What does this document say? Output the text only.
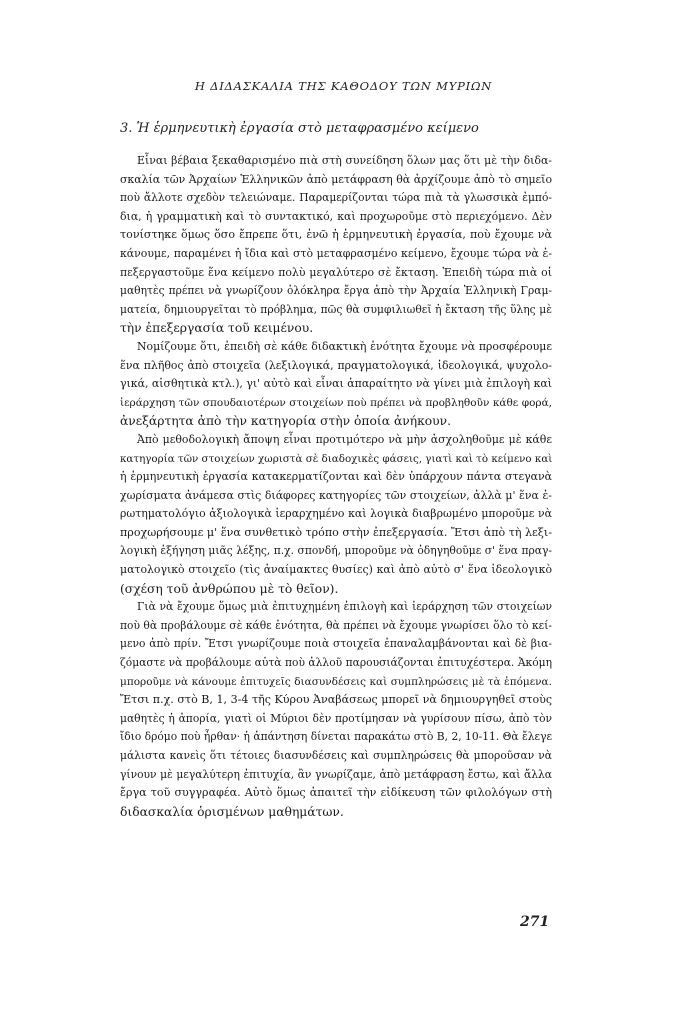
Η ΔΙΔΑΣΚΑΛΙΑ ΤΗΣ ΚΑΘΟΔΟΥ ΤΩΝ ΜΥΡΙΩΝ
3. Ἡ ἑρμηνευτικὴ ἐργασία στὸ μεταφρασμένο κείμενο
Εἶναι βέβαια ξεκαθαρισμένο πιὰ στὴ συνείδηση ὅλων μας ὅτι μὲ τὴν διδα-
σκαλία τῶν Ἀρχαίων Ἑλληνικῶν ἀπὸ μετάφραση θὰ ἀρχίζουμε ἀπὸ τὸ σημεῖο
ποὺ ἄλλοτε σχεδὸν τελειώναμε. Παραμερίζονται τώρα πιὰ τὰ γλωσσικὰ ἐμπό-
δια, ἡ γραμματικὴ καὶ τὸ συντακτικό, καὶ προχωροῦμε στὸ περιεχόμενο. Δὲν
τονίστηκε ὅμως ὅσο ἔπρεπε ὅτι, ἐνῶ ἡ ἑρμηνευτικὴ ἐργασία, ποὺ ἔχουμε νὰ
κάνουμε, παραμένει ἡ ἴδια καὶ στὸ μεταφρασμένο κείμενο, ἔχουμε τώρα νὰ ἐ-
πεξεργαστοῦμε ἕνα κείμενο πολὺ μεγαλύτερο σὲ ἔκταση. Ἐπειδὴ τώρα πιὰ οἱ
μαθητὲς πρέπει νὰ γνωρίζουν ὁλόκληρα ἔργα ἀπὸ τὴν Ἀρχαία Ἑλληνικὴ Γραμ-
ματεία, δημιουργεῖται τὸ πρόβλημα, πῶς θὰ συμφιλιωθεῖ ἡ ἔκταση τῆς ὕλης μὲ
τὴν ἐπεξεργασία τοῦ κειμένου.
Νομίζουμε ὅτι, ἐπειδὴ σὲ κάθε διδακτικὴ ἑνότητα ἔχουμε νὰ προσφέρουμε
ἕνα πλῆθος ἀπὸ στοιχεῖα (λεξιλογικά, πραγματολογικά, ἰδεολογικά, ψυχολο-
γικά, αἰσθητικὰ κτλ.), γι' αὐτὸ καὶ εἶναι ἀπαραίτητο νὰ γίνει μιὰ ἐπιλογὴ καὶ
ἱεράρχηση τῶν σπουδαιοτέρων στοιχείων ποὺ πρέπει νὰ προβληθοῦν κάθε φορά,
ἀνεξάρτητα ἀπὸ τὴν κατηγορία στὴν ὁποία ἀνήκουν.
Ἀπὸ μεθοδολογικὴ ἄποψη εἶναι προτιμότερο νὰ μὴν ἀσχοληθοῦμε μὲ κάθε
κατηγορία τῶν στοιχείων χωριστὰ σὲ διαδοχικὲς φάσεις, γιατὶ καὶ τὸ κείμενο καὶ
ἡ ἑρμηνευτικὴ ἐργασία κατακερματίζονται καὶ δὲν ὑπάρχουν πάντα στεγανὰ
χωρίσματα ἀνάμεσα στὶς διάφορες κατηγορίες τῶν στοιχείων, ἀλλὰ μ' ἕνα ἐ-
ρωτηματολόγιο ἀξιολογικὰ ἱεραρχημένο καὶ λογικὰ διαβρωμένο μποροῦμε νὰ
προχωρήσουμε μ' ἕνα συνθετικὸ τρόπο στὴν ἐπεξεργασία. Ἔτσι ἀπὸ τὴ λεξι-
λογικὴ ἐξήγηση μιᾶς λέξης, π.χ. σπονδή, μποροῦμε νὰ ὁδηγηθοῦμε σ' ἕνα πραγ-
ματολογικὸ στοιχεῖο (τὶς ἀναίμακτες θυσίες) καὶ ἀπὸ αὐτὸ σ' ἕνα ἰδεολογικὸ
(σχέση τοῦ ἀνθρώπου μὲ τὸ θεῖον).
Γιὰ νὰ ἔχουμε ὅμως μιὰ ἐπιτυχημένη ἐπιλογὴ καὶ ἱεράρχηση τῶν στοιχείων
ποὺ θὰ προβάλουμε σὲ κάθε ἑνότητα, θὰ πρέπει νὰ ἔχουμε γνωρίσει ὅλο τὸ κεί-
μενο ἀπὸ πρίν. Ἔτσι γνωρίζουμε ποιὰ στοιχεῖα ἐπαναλαμβάνονται καὶ δὲ βια-
ζόμαστε νὰ προβάλουμε αὐτὰ ποὺ ἀλλοῦ παρουσιάζονται ἐπιτυχέστερα. Ἀκόμη
μποροῦμε νὰ κάνουμε ἐπιτυχεῖς διασυνδέσεις καὶ συμπληρώσεις μὲ τὰ ἑπόμενα.
Ἔτσι π.χ. στὸ Β, 1, 3-4 τῆς Κύρου Ἀναβάσεως μπορεῖ νὰ δημιουργηθεῖ στοὺς
μαθητὲς ἡ ἀπορία, γιατὶ οἱ Μύριοι δὲν προτίμησαν νὰ γυρίσουν πίσω, ἀπὸ τὸν
ἴδιο δρόμο ποὺ ἦρθαν· ἡ ἀπάντηση δίνεται παρακάτω στὸ Β, 2, 10-11. Θὰ ἔλεγε
μάλιστα κανεὶς ὅτι τέτοιες διασυνδέσεις καὶ συμπληρώσεις θὰ μποροῦσαν νὰ
γίνουν μὲ μεγαλύτερη ἐπιτυχία, ἂν γνωρίζαμε, ἀπὸ μετάφραση ἔστω, καὶ ἄλλα
ἔργα τοῦ συγγραφέα. Αὐτὸ ὅμως ἀπαιτεῖ τὴν εἰδίκευση τῶν φιλολόγων στὴ
διδασκαλία ὁρισμένων μαθημάτων.
271
